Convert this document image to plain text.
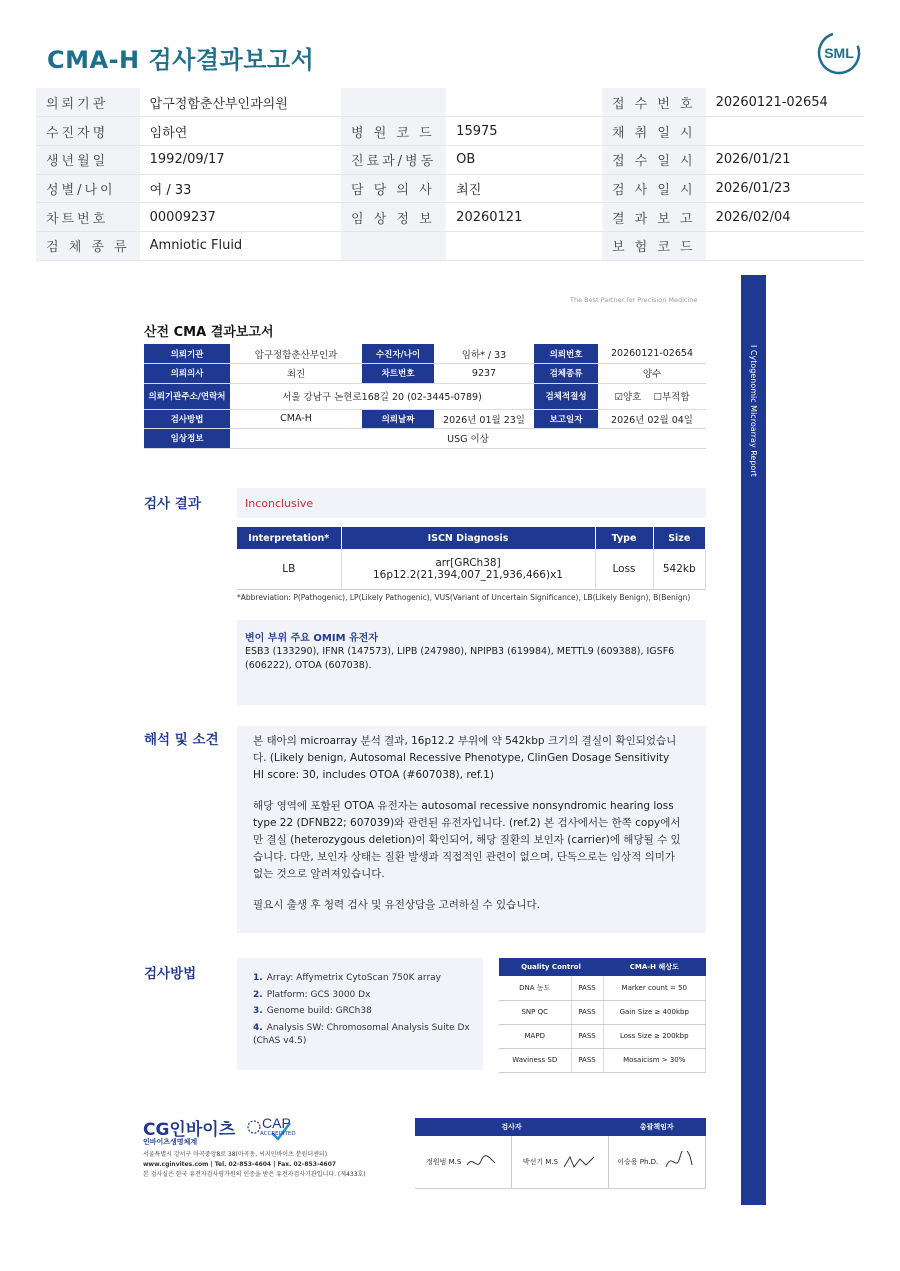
CMA-H 검사결과보고서	SML
의뢰기관	압구정함춘산부인과의원			접 수 번 호	20260121-02654
수진자명	임하연	병 원 코 드	15975	채 취 일 시	
생년월일	1992/09/17	진료과/병동	OB	접 수 일 시	2026/01/21
성별/나이	여 / 33	담 당 의 사	최진	검 사 일 시	2026/01/23
차트번호	00009237	임 상 정 보	20260121	결 과 보 고	2026/02/04
검 체 종 류	Amniotic Fluid			보 험 코 드	
The Best Partner for Precision Medicine
I Cytogenomic Microarray Report
산전 CMA 결과보고서
의뢰기관	압구정함춘산부인과	수진자/나이	임하* / 33	의뢰번호	20260121-02654
의뢰의사	최진	차트번호	9237	검체종류	양수
의뢰기관주소/연락처	서울 강남구 논현로168길 20 (02-3445-0789)			검체적절성	☑양호 ☐부적합
검사방법	CMA-H	의뢰날짜	2026년 01월 23일	보고일자	2026년 02월 04일
임상정보	USG 이상				
검사 결과	Inconclusive
Interpretation*	ISCN Diagnosis	Type	Size
LB	arr[GRCh38] 16p12.2(21,394,007_21,936,466)x1	Loss	542kb
*Abbreviation: P(Pathogenic), LP(Likely Pathogenic), VUS(Variant of Uncertain Significance), LB(Likely Benign), B(Benign)
변이 부위 주요 OMIM 유전자
ESB3 (133290), IFNR (147573), LIPB (247980), NPIPB3 (619984), METTL9 (609388), IGSF6 (606222), OTOA (607038).
해석 및 소견	본 태아의 microarray 분석 결과, 16p12.2 부위에 약 542kbp 크기의 결실이 확인되었습니다. (Likely benign, Autosomal Recessive Phenotype, ClinGen Dosage Sensitivity HI score: 30, includes OTOA (#607038), ref.1)

해당 영역에 포함된 OTOA 유전자는 autosomal recessive nonsyndromic hearing loss type 22 (DFNB22; 607039)와 관련된 유전자입니다. (ref.2) 본 검사에서는 한쪽 copy에서만 결실 (heterozygous deletion)이 확인되어, 해당 질환의 보인자 (carrier)에 해당될 수 있습니다. 다만, 보인자 상태는 질환 발생과 직접적인 관련이 없으며, 단독으로는 임상적 의미가 없는 것으로 알려져있습니다.

필요시 출생 후 청력 검사 및 유전상담을 고려하실 수 있습니다.

검사방법	1. Array: Affymetrix CytoScan 750K array
2. Platform: GCS 3000 Dx
3. Genome build: GRCh38
4. Analysis SW: Chromosomal Analysis Suite Dx (ChAS v4.5)
Quality Control		CMA-H 해상도
DNA 농도	PASS	Marker count = 50
SNP QC	PASS	Gain Size ≥ 400kbp
MAPD	PASS	Loss Size ≥ 200kbp
Waviness SD	PASS	Mosaicism > 30%
CG인바이츠
인바이츠생명체계
CAP
ACCREDITED
서울특별시 강서구 마곡중앙8로 38(마곡동, 씨지인바이츠 분원더센터)
www.cginvites.com | Tel. 02-853-4604 | Fax. 02-853-4607
본 검사실은 한국 유전자검사평가원의 인증을 받은 유전자검사기관입니다. (제433호)
검사자		총괄책임자
정원범 M.S	박선기 M.S	이승용 Ph.D.
